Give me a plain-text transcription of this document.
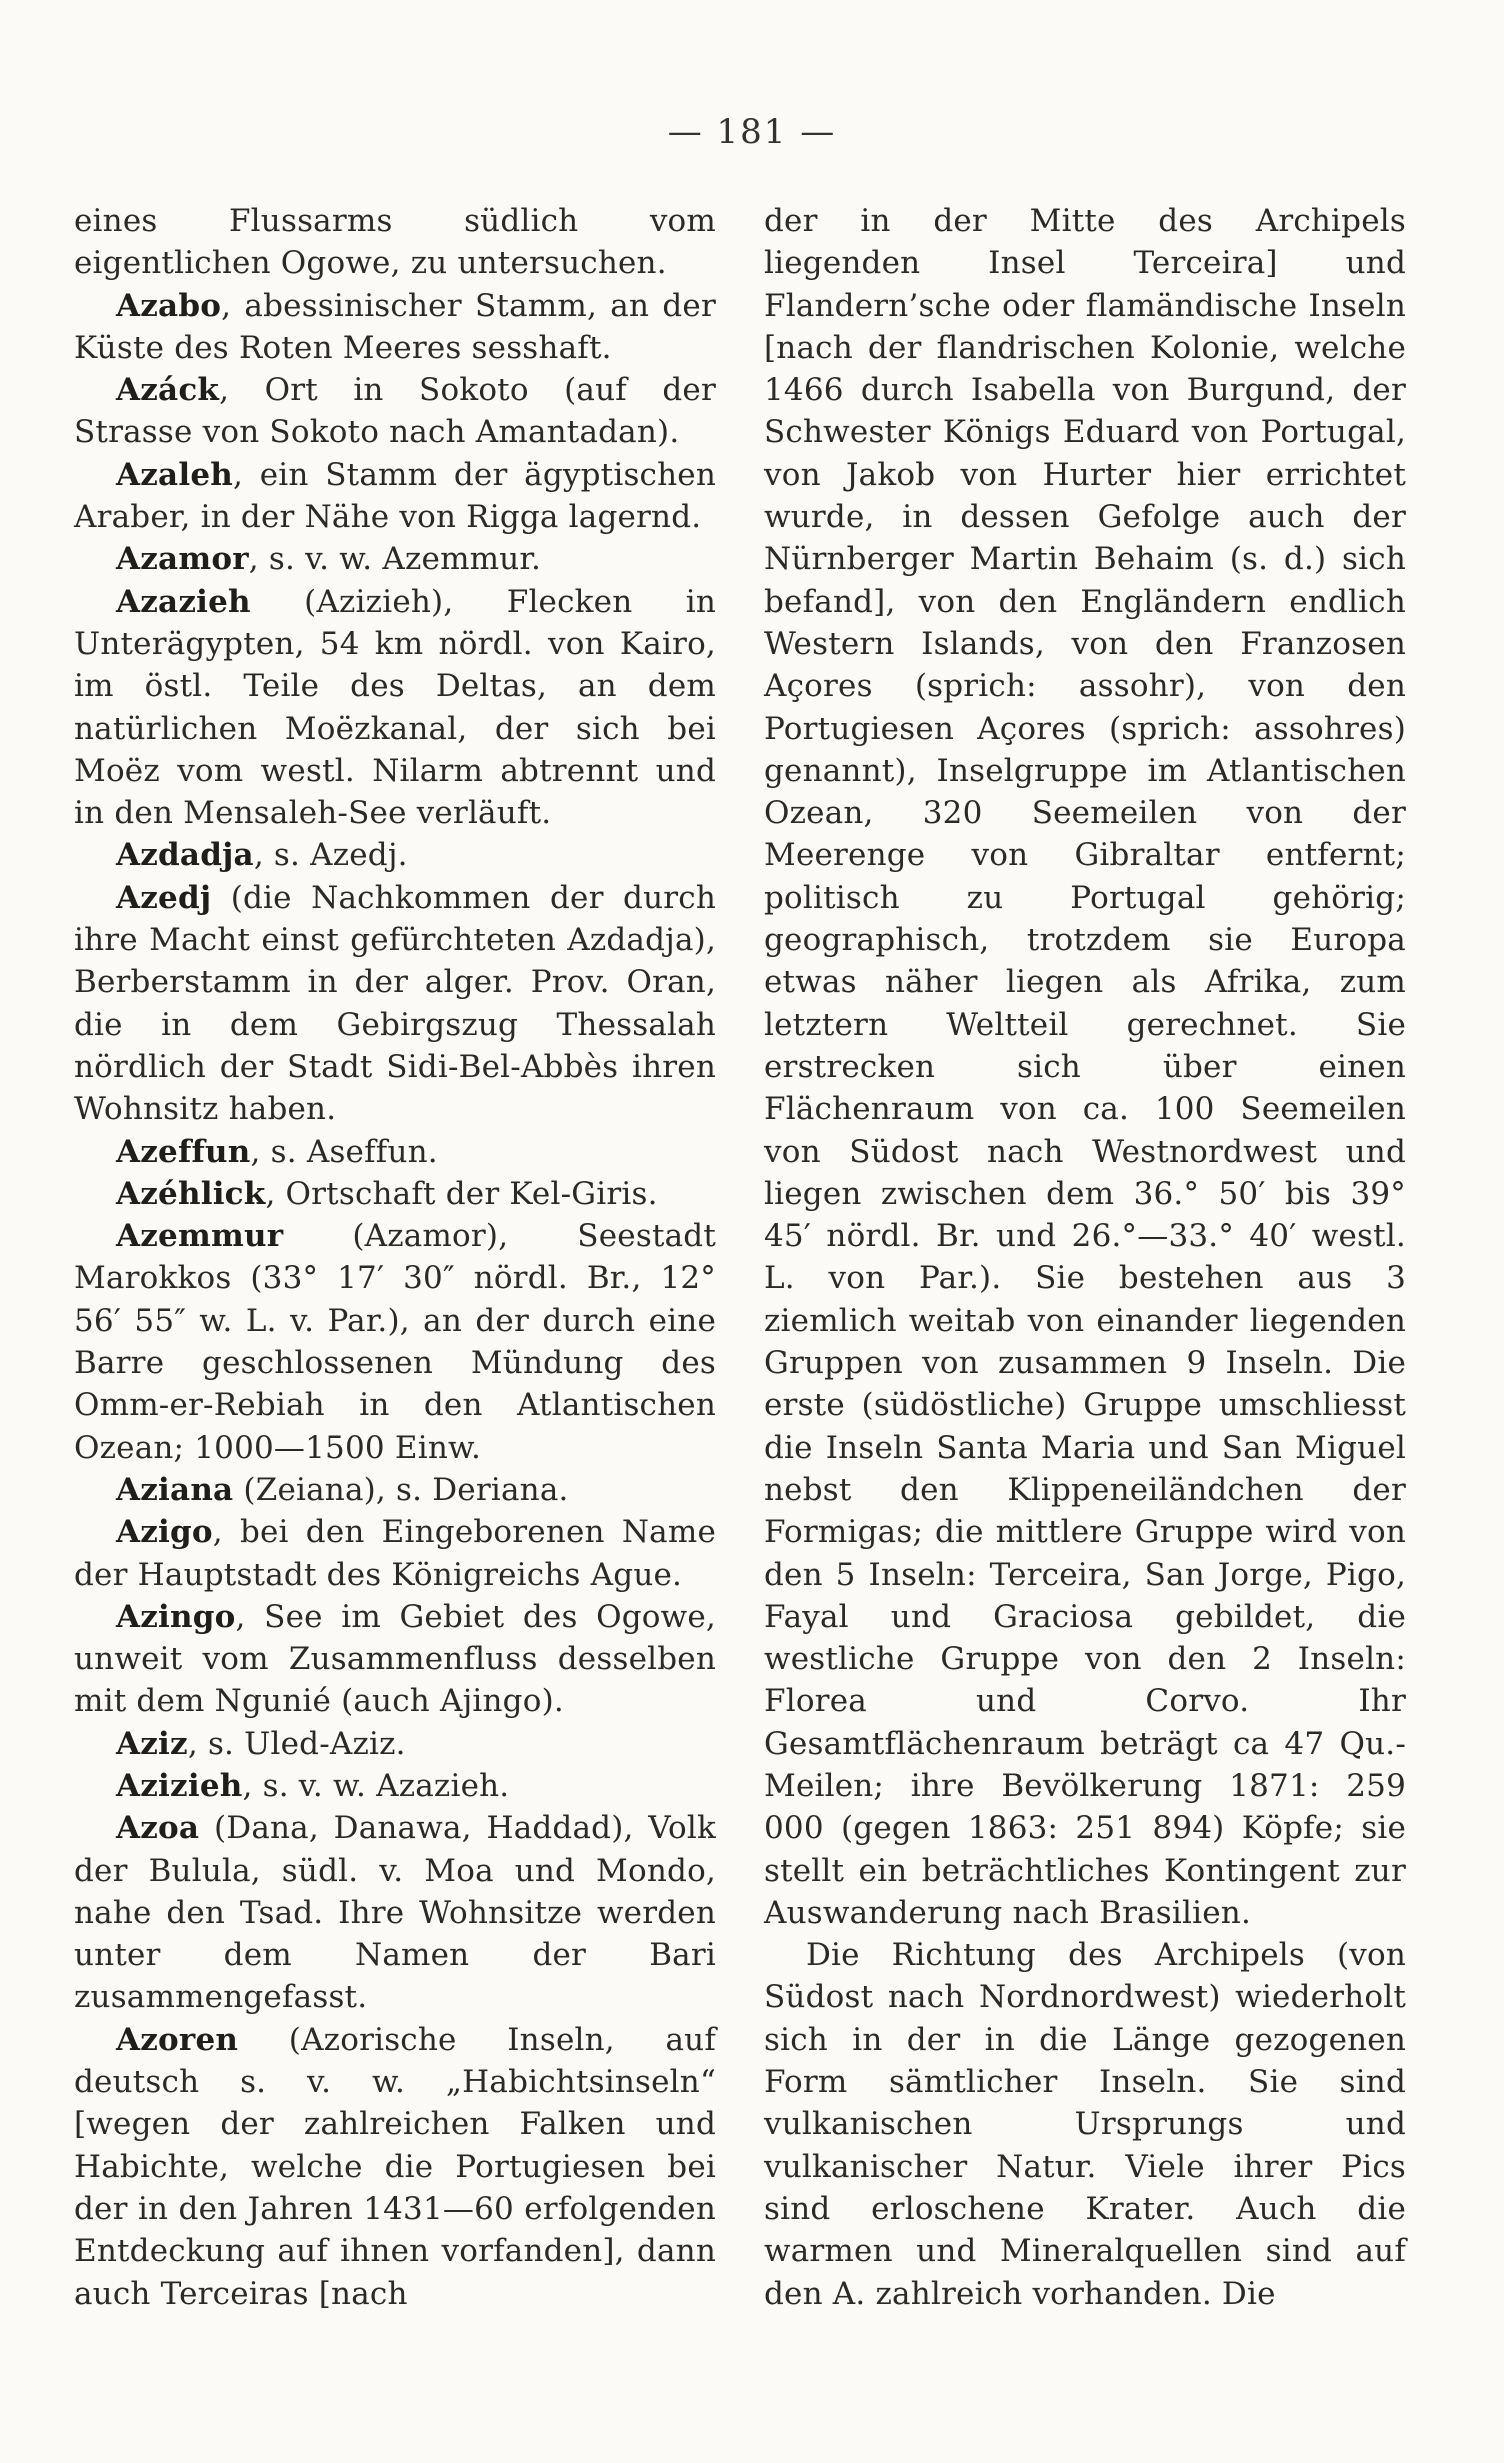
— 181 —

eines Flussarms südlich vom eigentlichen Ogowe, zu untersuchen.

Azabo, abessinischer Stamm, an der Küste des Roten Meeres sesshaft.

Azáck, Ort in Sokoto (auf der Strasse von Sokoto nach Amantadan).

Azaleh, ein Stamm der ägyptischen Araber, in der Nähe von Rigga lagernd.

Azamor, s. v. w. Azemmur.

Azazieh (Azizieh), Flecken in Unterägypten, 54 km nördl. von Kairo, im östl. Teile des Deltas, an dem natürlichen Moëzkanal, der sich bei Moëz vom westl. Nilarm abtrennt und in den Mensaleh-See verläuft.

Azdadja, s. Azedj.

Azedj (die Nachkommen der durch ihre Macht einst gefürchteten Azdadja), Berberstamm in der alger. Prov. Oran, die in dem Gebirgszug Thessalah nördlich der Stadt Sidi-Bel-Abbès ihren Wohnsitz haben.

Azeffun, s. Aseffun.

Azéhlick, Ortschaft der Kel-Giris.

Azemmur (Azamor), Seestadt Marokkos (33° 17′ 30″ nördl. Br., 12° 56′ 55″ w. L. v. Par.), an der durch eine Barre geschlossenen Mündung des Omm-er-Rebiah in den Atlantischen Ozean; 1000—1500 Einw.

Aziana (Zeiana), s. Deriana.

Azigo, bei den Eingeborenen Name der Hauptstadt des Königreichs Ague.

Azingo, See im Gebiet des Ogowe, unweit vom Zusammenfluss desselben mit dem Ngunié (auch Ajingo).

Aziz, s. Uled-Aziz.

Azizieh, s. v. w. Azazieh.

Azoa (Dana, Danawa, Haddad), Volk der Bulula, südl. v. Moa und Mondo, nahe den Tsad. Ihre Wohnsitze werden unter dem Namen der Bari zusammengefasst.

Azoren (Azorische Inseln, auf deutsch s. v. w. „Habichtsinseln“ [wegen der zahlreichen Falken und Habichte, welche die Portugiesen bei der in den Jahren 1431—60 erfolgenden Entdeckung auf ihnen vorfanden], dann auch Terceiras [nach

der in der Mitte des Archipels liegenden Insel Terceira] und Flandern’sche oder flamändische Inseln [nach der flandrischen Kolonie, welche 1466 durch Isabella von Burgund, der Schwester Königs Eduard von Portugal, von Jakob von Hurter hier errichtet wurde, in dessen Gefolge auch der Nürnberger Martin Behaim (s. d.) sich befand], von den Engländern endlich Western Islands, von den Franzosen Açores (sprich: assohr), von den Portugiesen Açores (sprich: assohres) genannt), Inselgruppe im Atlantischen Ozean, 320 Seemeilen von der Meerenge von Gibraltar entfernt; politisch zu Portugal gehörig; geographisch, trotzdem sie Europa etwas näher liegen als Afrika, zum letztern Weltteil gerechnet. Sie erstrecken sich über einen Flächenraum von ca. 100 Seemeilen von Südost nach Westnordwest und liegen zwischen dem 36.° 50′ bis 39° 45′ nördl. Br. und 26.°—33.° 40′ westl. L. von Par.). Sie bestehen aus 3 ziemlich weitab von einander liegenden Gruppen von zusammen 9 Inseln. Die erste (südöstliche) Gruppe umschliesst die Inseln Santa Maria und San Miguel nebst den Klippeneiländchen der Formigas; die mittlere Gruppe wird von den 5 Inseln: Terceira, San Jorge, Pigo, Fayal und Graciosa gebildet, die westliche Gruppe von den 2 Inseln: Florea und Corvo. Ihr Gesamtflächenraum beträgt ca 47 Qu.-Meilen; ihre Bevölkerung 1871: 259 000 (gegen 1863: 251 894) Köpfe; sie stellt ein beträchtliches Kontingent zur Auswanderung nach Brasilien.

Die Richtung des Archipels (von Südost nach Nordnordwest) wiederholt sich in der in die Länge gezogenen Form sämtlicher Inseln. Sie sind vulkanischen Ursprungs und vulkanischer Natur. Viele ihrer Pics sind erloschene Krater. Auch die warmen und Mineralquellen sind auf den A. zahlreich vorhanden. Die
